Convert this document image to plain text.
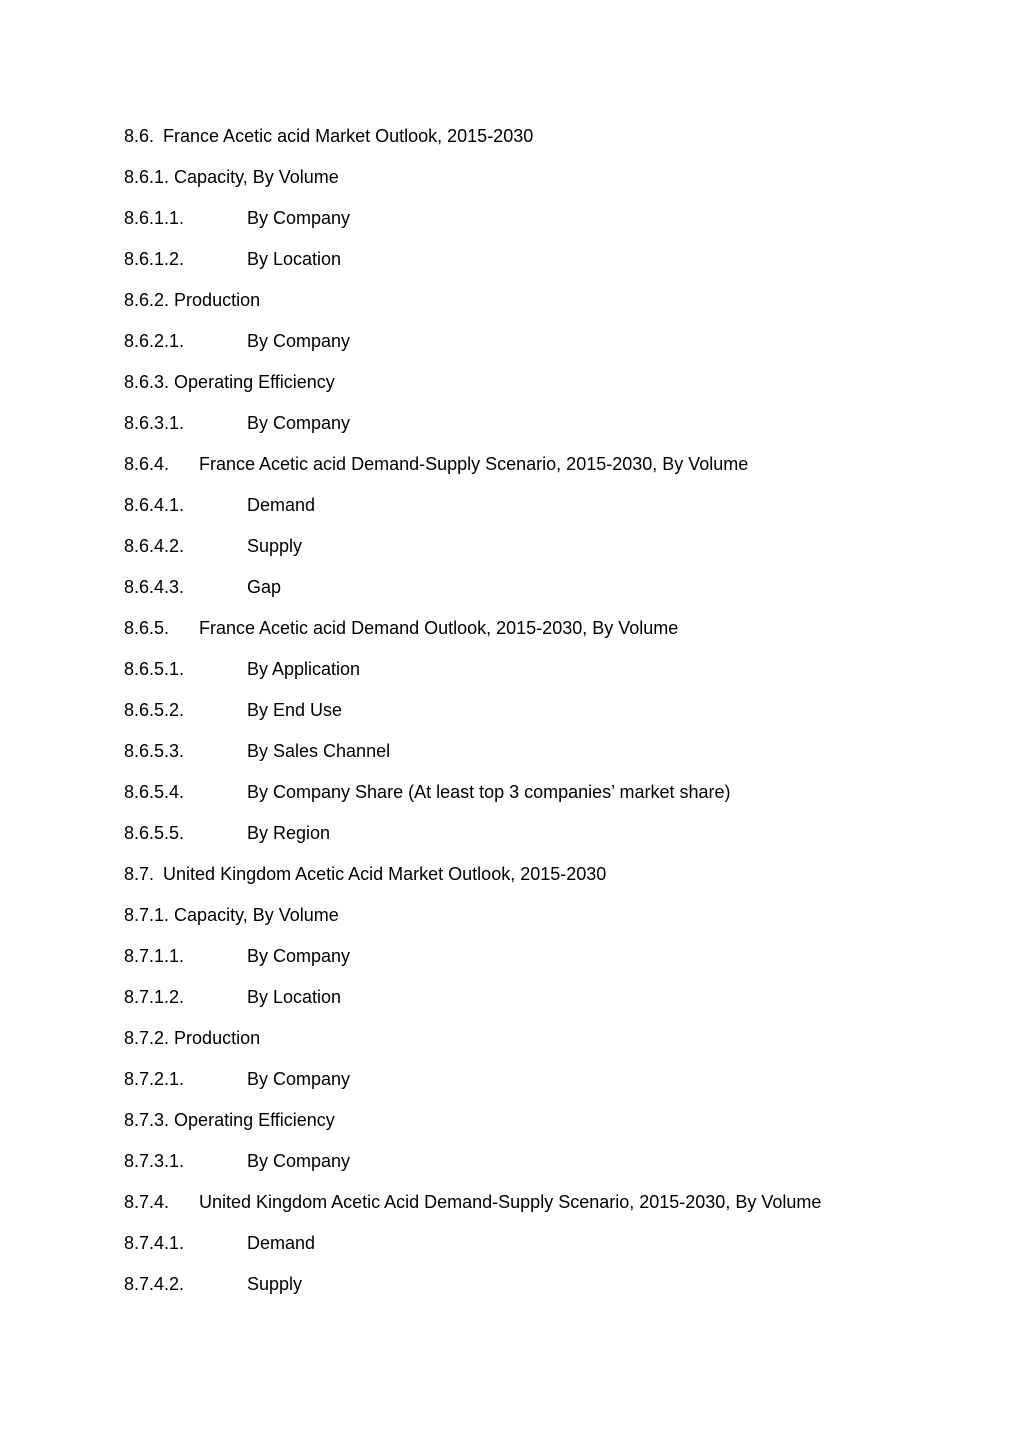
8.6. France Acetic acid Market Outlook, 2015-2030
8.6.1. Capacity, By Volume
8.6.1.1.	By Company
8.6.1.2.	By Location
8.6.2. Production
8.6.2.1.	By Company
8.6.3. Operating Efficiency
8.6.3.1.	By Company
8.6.4. France Acetic acid Demand-Supply Scenario, 2015-2030, By Volume
8.6.4.1.	Demand
8.6.4.2.	Supply
8.6.4.3.	Gap
8.6.5. France Acetic acid Demand Outlook, 2015-2030, By Volume
8.6.5.1.	By Application
8.6.5.2.	By End Use
8.6.5.3.	By Sales Channel
8.6.5.4.	By Company Share (At least top 3 companies’ market share)
8.6.5.5.	By Region
8.7. United Kingdom Acetic Acid Market Outlook, 2015-2030
8.7.1. Capacity, By Volume
8.7.1.1.	By Company
8.7.1.2.	By Location
8.7.2. Production
8.7.2.1.	By Company
8.7.3. Operating Efficiency
8.7.3.1.	By Company
8.7.4. United Kingdom Acetic Acid Demand-Supply Scenario, 2015-2030, By Volume
8.7.4.1.	Demand
8.7.4.2.	Supply
